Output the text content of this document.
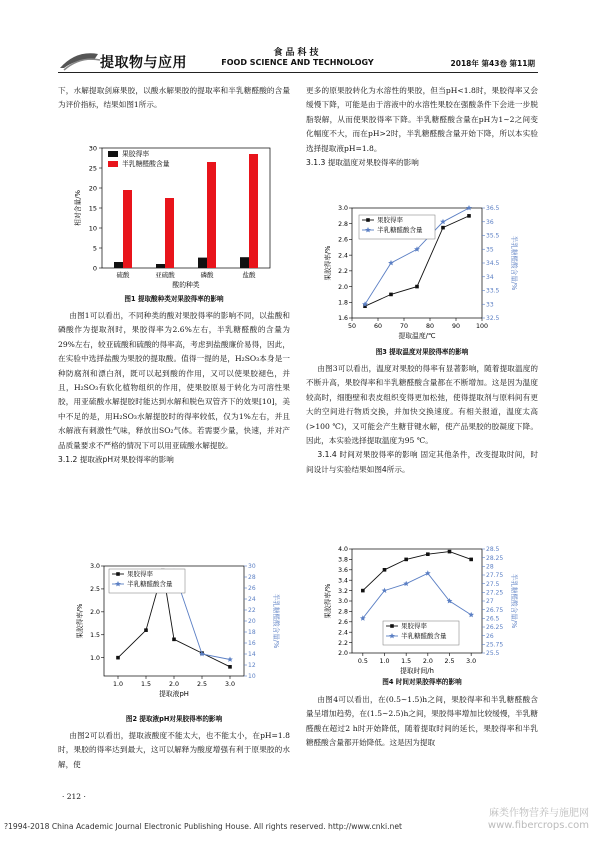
提取物与应用
食品科技
FOOD SCIENCE AND TECHNOLOGY	2018年 第43卷 第11期

下，水解提取剑麻果胶，以酸水解果胶的提取率和半乳糖醛酸的含量为评价指标，结果如图1所示。

0
5
10
15
20
25
30
硫酸	亚硫酸	磷酸	盐酸
酸的种类
相对含量/%
果胶得率
半乳糖醛酸含量
图1 提取酸种类对果胶得率的影响

由图1可以看出，不同种类的酸对果胶得率的影响不同，以盐酸和磷酸作为提取剂时，果胶得率为2.6%左右，半乳糖醛酸的含量为29%左右，较亚硫酸和硫酸的得率高，考虑到盐酸廉价易得，因此，在实验中选择盐酸为果胶的提取酸。值得一提的是，H₂SO₃本身是一种防腐剂和漂白剂，既可以起到酸的作用，又可以使果胶褪色，并且，H₂SO₃有软化植物组织的作用，使果胶原易于转化为可溶性果胶，用亚硫酸水解提胶时能达到水解和脱色双管齐下的效果[10]，美中不足的是，用H₂SO₃水解提胶时的得率较低，仅为1%左右，并且水解液有刺激性气味，释放出SO₂气体。若需要少量，快速，并对产品质量要求不严格的情况下可以用亚硫酸水解提胶。

3.1.2 提取液pH对果胶得率的影响
1.0	1.5	2.0	2.5	3.0
1.0
1.5
2.0
2.5
3.0
10
12
14
16
18
20
22
24
26
28
30
提取液pH
果胶得率/%	半乳糖醛酸含量/%
果胶得率
半乳糖醛酸含量
图2 提取液pH对果胶得率的影响

由图2可以看出，提取液酸度不能太大，也不能太小，在pH=1.8时，果胶的得率达到最大，这可以解释为酸度增强有利于原果胶的水解，使

更多的原果胶转化为水溶性的果胶，但当pH<1.8时，果胶得率又会缓慢下降，可能是由于溶液中的水溶性果胶在强酸条件下会进一步脱脂裂解，从而使果胶得率下降。半乳糖醛酸含量在pH为1~2之间变化幅度不大，而在pH>2时，半乳糖醛酸含量开始下降，所以本实验选择提取液pH=1.8。

3.1.3 提取温度对果胶得率的影响
50	60	70	80	90	100
1.6
1.8
2.0
2.2
2.4
2.6
2.8
3.0
32.5
33
33.5
34
34.5
35
35.5
36
36.5
提取温度/℃
果胶得率/%	半乳糖醛酸含量/%
果胶得率
半乳糖醛酸含量
图3 提取温度对果胶得率的影响

由图3可以看出，温度对果胶的得率有显著影响，随着提取温度的不断升高，果胶得率和半乳糖醛酸含量都在不断增加。这是因为温度较高时，细胞壁和表皮组织变得更加松弛，使得提取剂与原料间有更大的空间进行物质交换，并加快交换速度。有相关报道，温度太高(>100 ℃)，又可能会产生糖苷键水解，使产品果胶的胶凝度下降。因此，本实验选择提取温度为95 ℃。

3.1.4 时间对果胶得率的影响 固定其他条件，改变提取时间，时间设计与实验结果如图4所示。

0.5 1.0 1.5 2.0 2.5 3.0
2.0
2.2
2.4
2.6
2.8
3.0
3.2
3.4
3.6
3.8
4.0
25.5
25.75
26
26.25
26.5
26.75
27
27.25
27.5
27.75
28
28.25
28.5
提取时间/h
果胶得率/%	半乳糖醛酸含量/%
果胶得率
半乳糖醛酸含量
图4 时间对果胶得率的影响

由图4可以看出，在(0.5~1.5)h之间，果胶得率和半乳糖醛酸含量呈增加趋势，在(1.5~2.5)h之间，果胶得率增加比较缓慢，半乳糖醛酸在超过2 h时开始降低，随着提取时间的延长，果胶得率和半乳糖醛酸含量都开始降低。这是因为提取

· 212 ·
麻类作物营养与施肥网
www.fibercrops.com
?1994-2018 China Academic Journal Electronic Publishing House. All rights reserved. http://www.cnki.net
